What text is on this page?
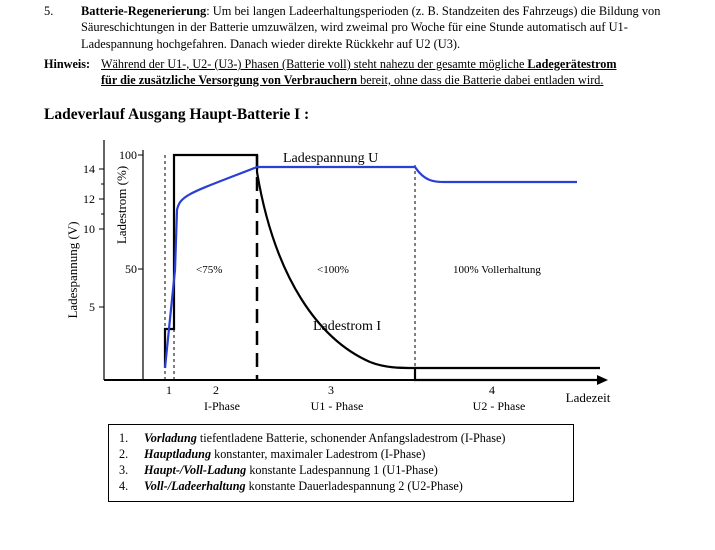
5. Batterie-Regenerierung: Um bei langen Ladeerhaltungsperioden (z. B. Standzeiten des Fahrzeugs) die Bildung von Säureschichtungen in der Batterie umzuwälzen, wird zweimal pro Woche für eine Stunde automatisch auf U1-Ladespannung hochgefahren. Danach wieder direkte Rückkehr auf U2 (U3).
Hinweis: Während der U1-, U2- (U3-) Phasen (Batterie voll) steht nahezu der gesamte mögliche Ladegerätestrom
für die zusätzliche Versorgung von Verbrauchern bereit, ohne dass die Batterie dabei entladen wird.
Ladeverlauf Ausgang Haupt-Batterie I :
14
12
10
5
Ladespannung (V)
100
50
Ladestrom (%)
Ladespannung U
Ladestrom I
<75%	<100%	100% Vollerhaltung
1	2	3	4
I-Phase	U1 - Phase	U2 - Phase
Ladezeit
1. Vorladung tiefentladene Batterie, schonender Anfangsladestrom (I-Phase)
2. Hauptladung konstanter, maximaler Ladestrom (I-Phase)
3. Haupt-/Voll-Ladung konstante Ladespannung 1 (U1-Phase)
4. Voll-/Ladeerhaltung konstante Dauerladespannung 2 (U2-Phase)
